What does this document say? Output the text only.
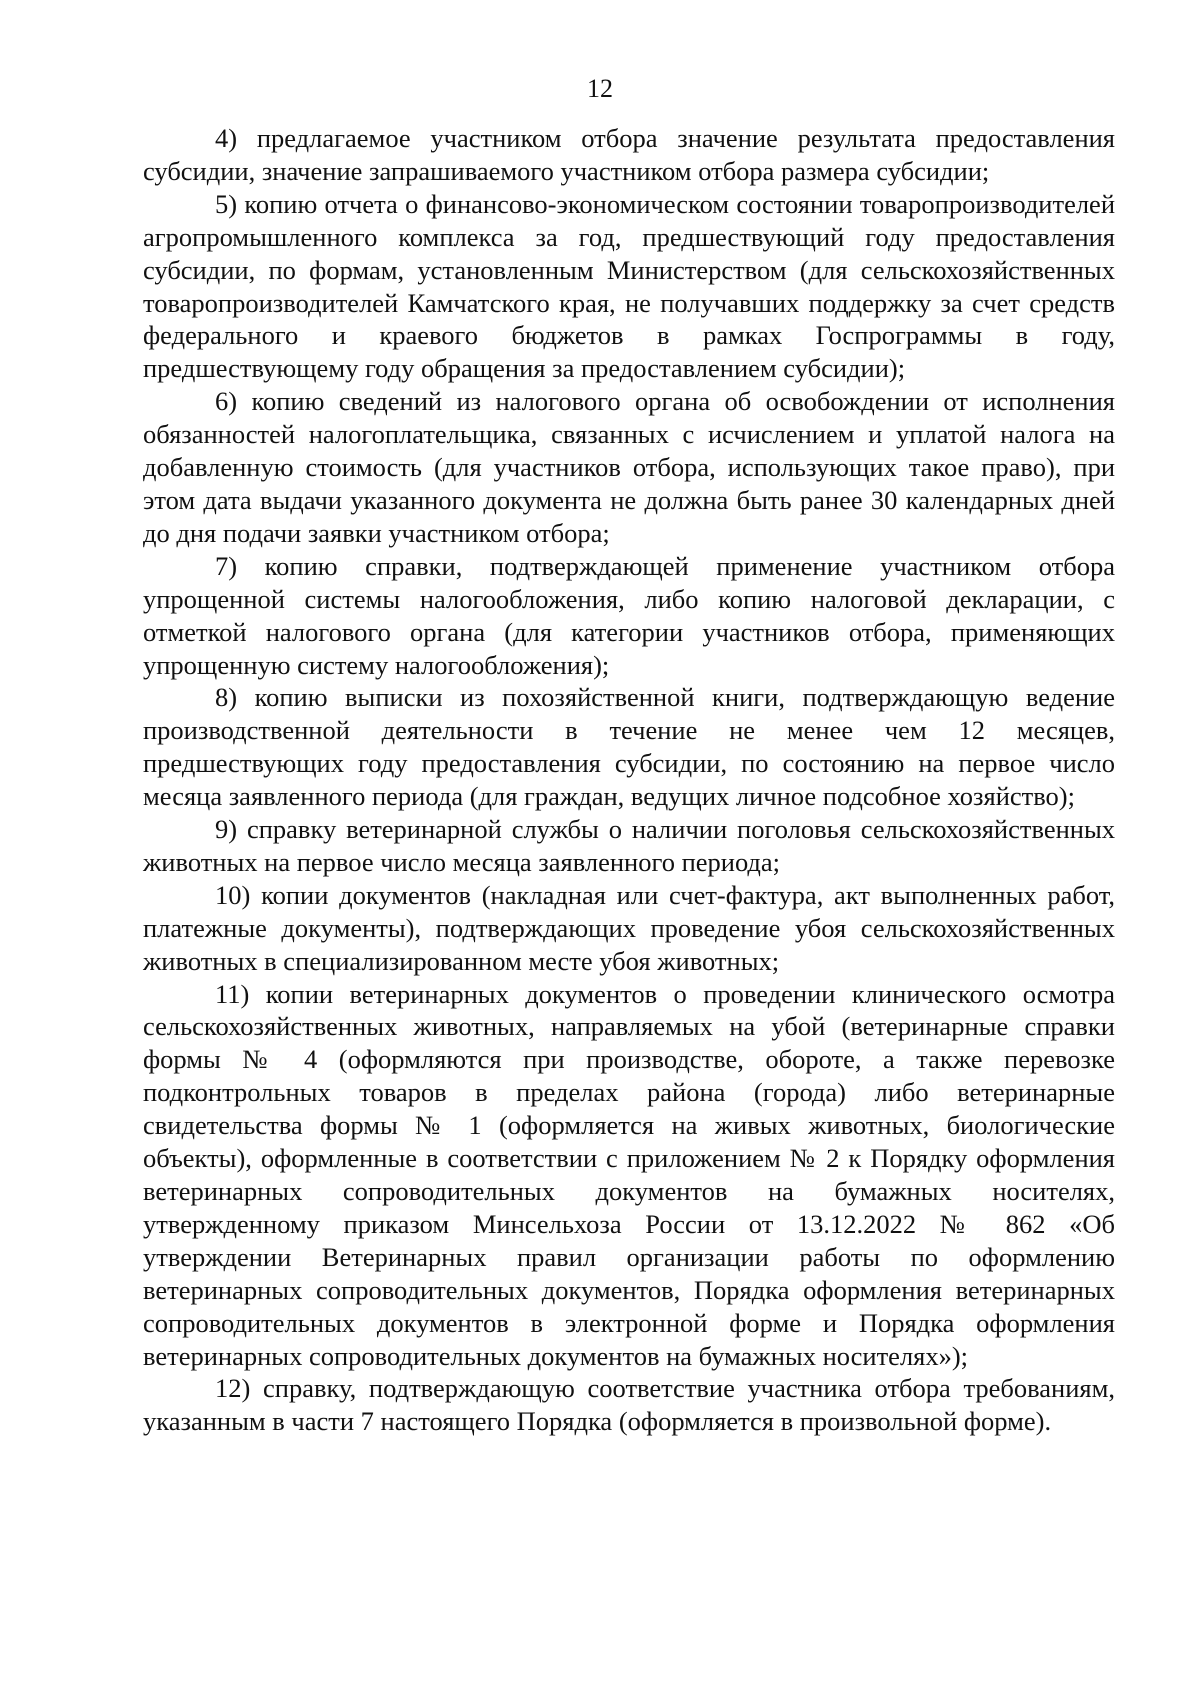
12

4) предлагаемое участником отбора значение результата предоставления субсидии, значение запрашиваемого участником отбора размера субсидии;

5) копию отчета о финансово-экономическом состоянии товаропроизводителей агропромышленного комплекса за год, предшествующий году предоставления субсидии, по формам, установленным Министерством (для сельскохозяйственных товаропроизводителей Камчатского края, не получавших поддержку за счет средств федерального и краевого бюджетов в рамках Госпрограммы в году, предшествующему году обращения за предоставлением субсидии);

6) копию сведений из налогового органа об освобождении от исполнения обязанностей налогоплательщика, связанных с исчислением и уплатой налога на добавленную стоимость (для участников отбора, использующих такое право), при этом дата выдачи указанного документа не должна быть ранее 30 календарных дней до дня подачи заявки участником отбора;

7) копию справки, подтверждающей применение участником отбора упрощенной системы налогообложения, либо копию налоговой декларации, с отметкой налогового органа (для категории участников отбора, применяющих упрощенную систему налогообложения);

8) копию выписки из похозяйственной книги, подтверждающую ведение производственной деятельности в течение не менее чем 12 месяцев, предшествующих году предоставления субсидии, по состоянию на первое число месяца заявленного периода (для граждан, ведущих личное подсобное хозяйство);

9) справку ветеринарной службы о наличии поголовья сельскохозяйственных животных на первое число месяца заявленного периода;

10) копии документов (накладная или счет-фактура, акт выполненных работ, платежные документы), подтверждающих проведение убоя сельскохозяйственных животных в специализированном месте убоя животных;

11) копии ветеринарных документов о проведении клинического осмотра сельскохозяйственных животных, направляемых на убой (ветеринарные справки формы № 4 (оформляются при производстве, обороте, а также перевозке подконтрольных товаров в пределах района (города) либо ветеринарные свидетельства формы № 1 (оформляется на живых животных, биологические объекты), оформленные в соответствии с приложением № 2 к Порядку оформления ветеринарных сопроводительных документов на бумажных носителях, утвержденному приказом Минсельхоза России от 13.12.2022 № 862 «Об утверждении Ветеринарных правил организации работы по оформлению ветеринарных сопроводительных документов, Порядка оформления ветеринарных сопроводительных документов в электронной форме и Порядка оформления ветеринарных сопроводительных документов на бумажных носителях»);

12) справку, подтверждающую соответствие участника отбора требованиям, указанным в части 7 настоящего Порядка (оформляется в произвольной форме).
